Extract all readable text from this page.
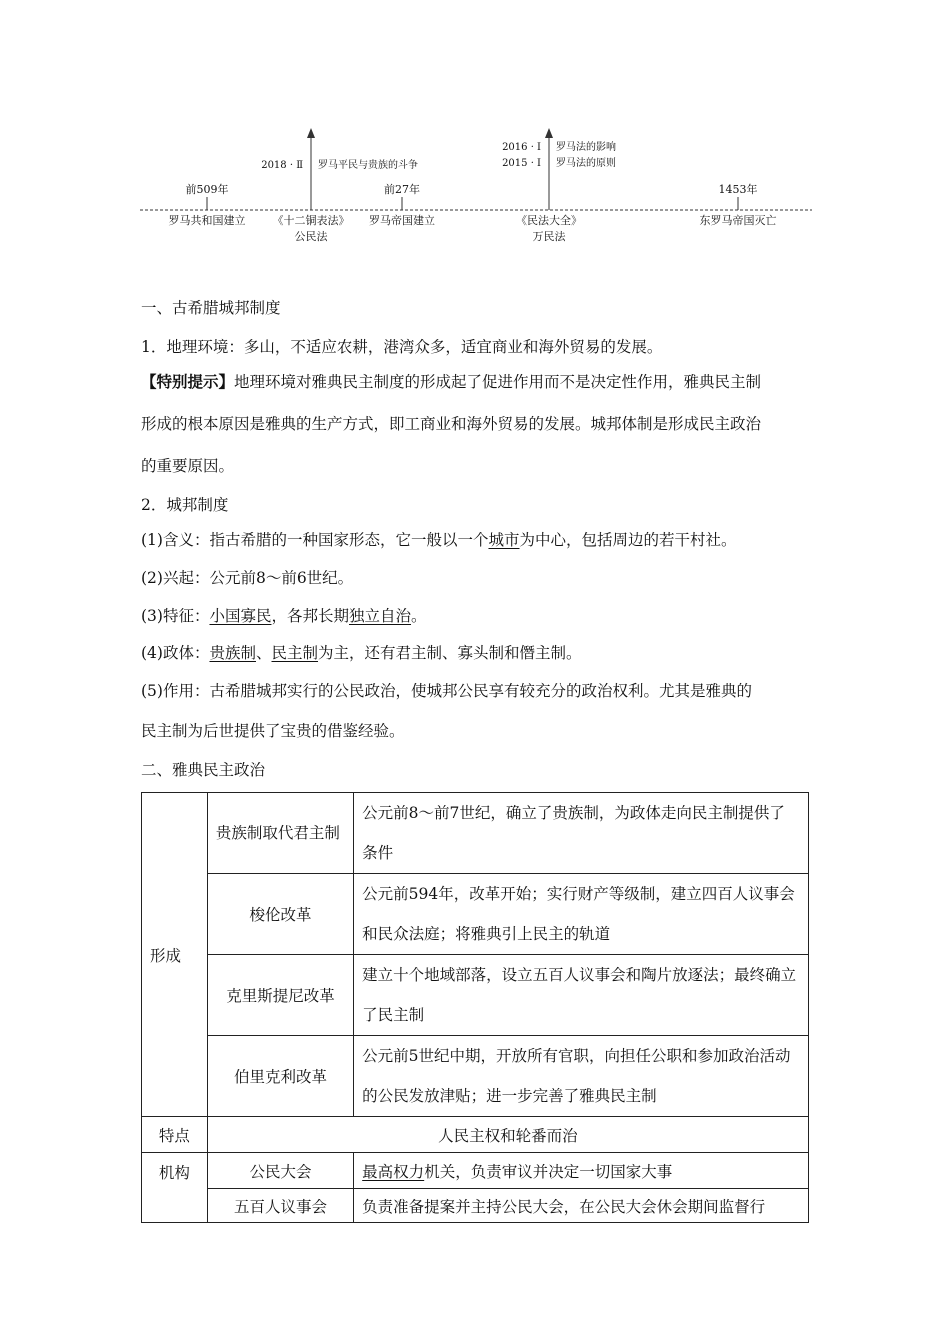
前509年	前27年	1453年
2018 · Ⅱ 罗马平民与贵族的斗争
2016 · Ⅰ
2015 · Ⅰ
罗马法的影响
罗马法的原则
罗马共和国建立 《十二铜表法》
公民法
罗马帝国建立	《民法大全》
万民法
东罗马帝国灭亡
一、古希腊城邦制度
1．地理环境：多山，不适应农耕，港湾众多，适宜商业和海外贸易的发展。
【特别提示】地理环境对雅典民主制度的形成起了促进作用而不是决定性作用，雅典民主制
形成的根本原因是雅典的生产方式，即工商业和海外贸易的发展。城邦体制是形成民主政治
的重要原因。
2．城邦制度
(1)含义：指古希腊的一种国家形态，它一般以一个城市为中心，包括周边的若干村社。
(2)兴起：公元前8～前6世纪。
(3)特征：小国寡民，各邦长期独立自治。
(4)政体：贵族制、民主制为主，还有君主制、寡头制和僭主制。
(5)作用：古希腊城邦实行的公民政治，使城邦公民享有较充分的政治权利。尤其是雅典的
民主制为后世提供了宝贵的借鉴经验。
二、雅典民主政治
形成	贵族制取代君主制	公元前8～前7世纪，确立了贵族制，为政体走向民主制提供了条件
	梭伦改革	公元前594年，改革开始；实行财产等级制，建立四百人议事会和民众法庭；将雅典引上民主的轨道
	克里斯提尼改革	建立十个地域部落，设立五百人议事会和陶片放逐法；最终确立了民主制
	伯里克利改革	公元前5世纪中期，开放所有官职，向担任公职和参加政治活动的公民发放津贴；进一步完善了雅典民主制
特点	人民主权和轮番而治	
机构	公民大会	最高权力机关，负责审议并决定一切国家大事
	五百人议事会	负责准备提案并主持公民大会，在公民大会休会期间监督行
